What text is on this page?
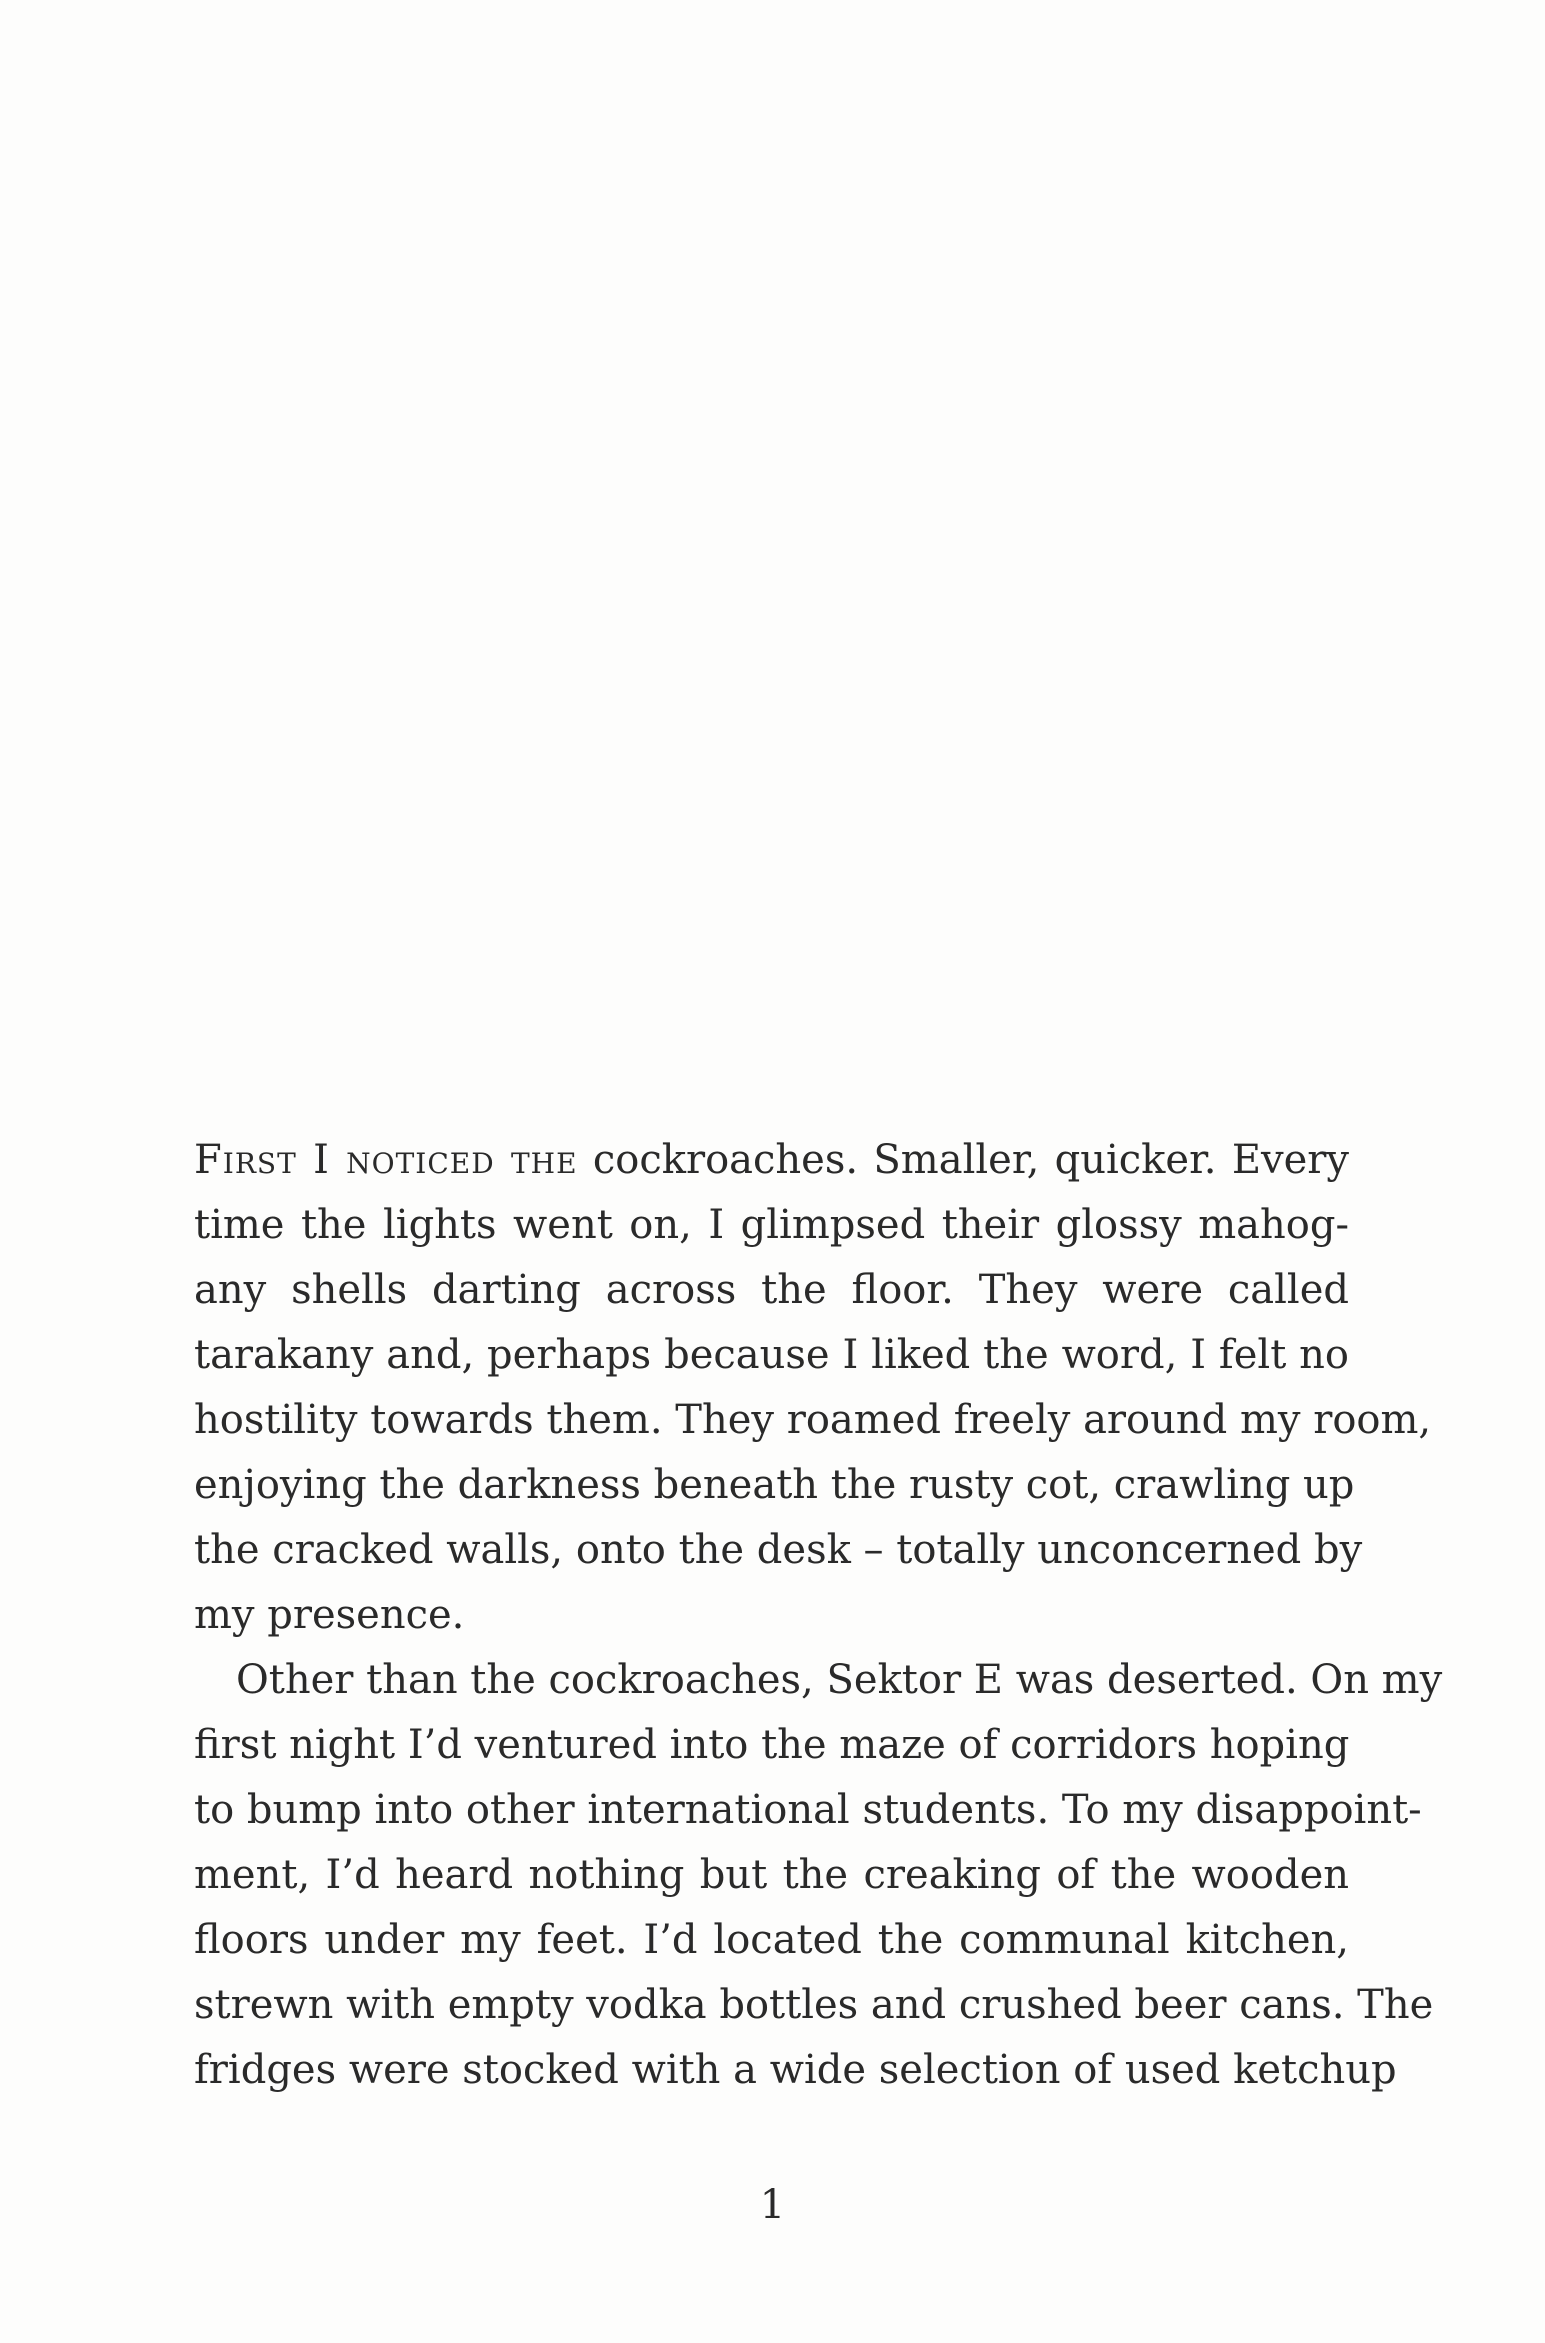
First I noticed the cockroaches. Smaller, quicker. Every
time the lights went on, I glimpsed their glossy mahog-
any shells darting across the floor. They were called
tarakany and, perhaps because I liked the word, I felt no
hostility towards them. They roamed freely around my room,
enjoying the darkness beneath the rusty cot, crawling up
the cracked walls, onto the desk – totally unconcerned by
my presence.
Other than the cockroaches, Sektor E was deserted. On my
first night I’d ventured into the maze of corridors hoping
to bump into other international students. To my disappoint-
ment, I’d heard nothing but the creaking of the wooden
floors under my feet. I’d located the communal kitchen,
strewn with empty vodka bottles and crushed beer cans. The
fridges were stocked with a wide selection of used ketchup
1
